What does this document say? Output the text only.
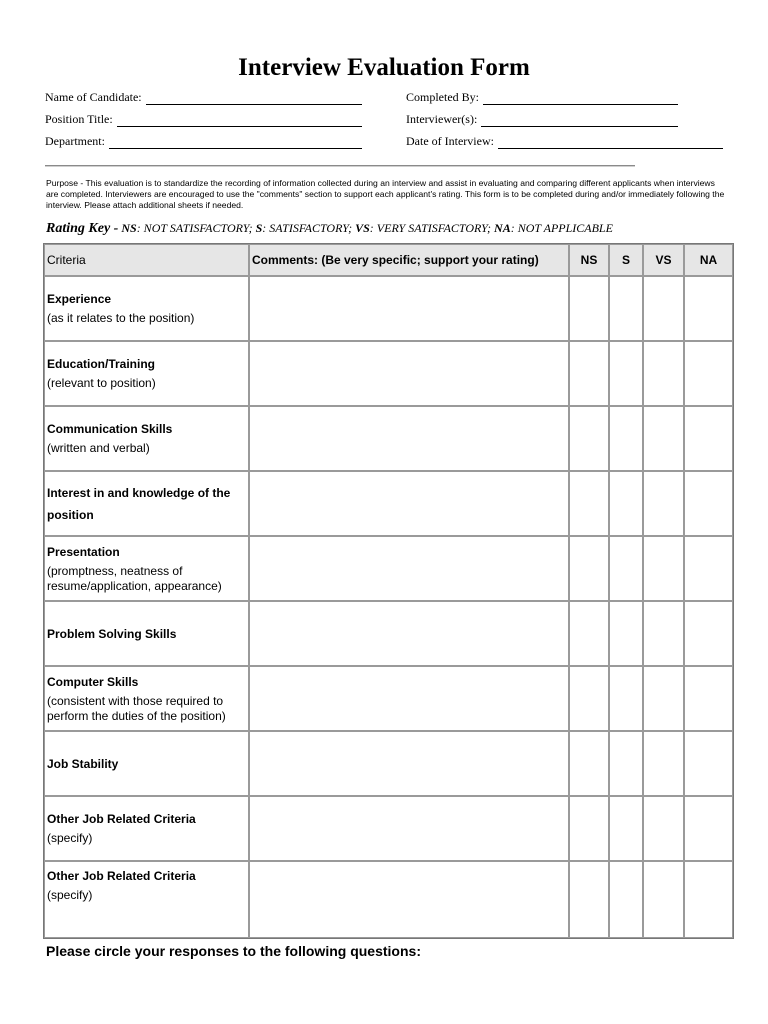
Interview Evaluation Form
Name of Candidate:
Position Title:
Department:
Completed By:
Interviewer(s):
Date of Interview:
Purpose - This evaluation is to standardize the recording of information collected during an interview and assist in evaluating and comparing different applicants when interviews are completed. Interviewers are encouraged to use the "comments" section to support each applicant's rating. This form is to be completed during and/or immediately following the interview. Please attach additional sheets if needed.
Rating Key - NS: NOT SATISFACTORY; S: SATISFACTORY; VS: VERY SATISFACTORY; NA: NOT APPLICABLE
Criteria	Comments: (Be very specific; support your rating)	NS	S	VS	NA

Experience
(as it relates to the position)					

Education/Training
(relevant to position)					

Communication Skills
(written and verbal)					

Interest in and knowledge of the position					

Presentation
(promptness, neatness of resume/application, appearance)					

Problem Solving Skills					

Computer Skills
(consistent with those required to perform the duties of the position)					

Job Stability					

Other Job Related Criteria
(specify)					

Other Job Related Criteria
(specify)					

Please circle your responses to the following questions:
